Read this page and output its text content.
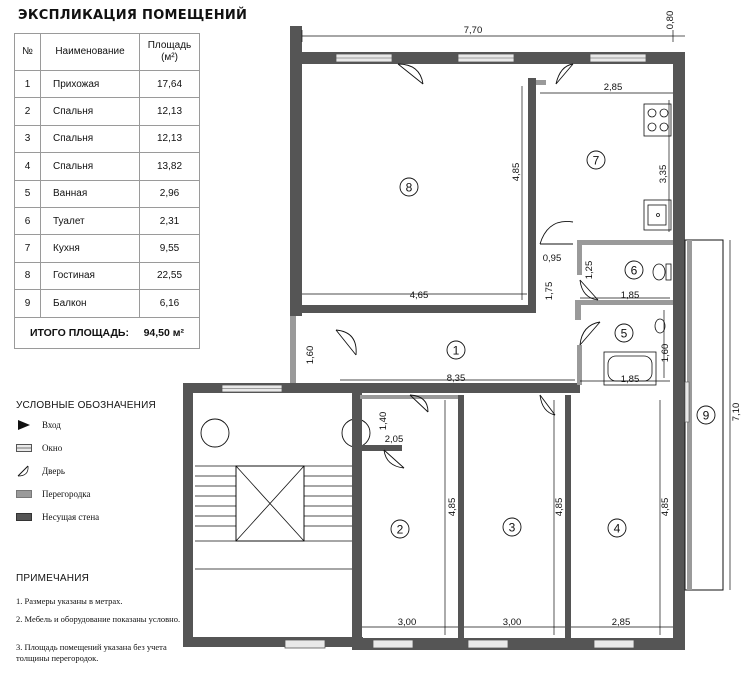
ЭКСПЛИКАЦИЯ ПОМЕЩЕНИЙ
№	Наименование	Площадь
(м²)
1	Прихожая	17,64
2	Спальня	12,13
3	Спальня	12,13
4	Спальня	13,82
5	Ванная	2,96
6	Туалет	2,31
7	Кухня	9,55
8	Гостиная	22,55
9	Балкон	6,16
ИТОГО ПЛОЩАДЬ: 94,50 м²		
УСЛОВНЫЕ ОБОЗНАЧЕНИЯ
Вход
Окно
Дверь
Перегородка
Несущая стена
ПРИМЕЧАНИЯ
1. Размеры указаны в метрах.
2. Мебель и оборудование показаны условно.
3. Площадь помещений указана без учета толщины перегородок.
7,70
0,80
2,85
3,35
4,85
4,65
0,95
1,75
1,25
1,85
1,60
1,85
1,60
8,35
1,40
2,05
4,85	4,85	4,85
3,00	3,00	2,85
7,10
8
7
6
5
1
2	3	4
9
